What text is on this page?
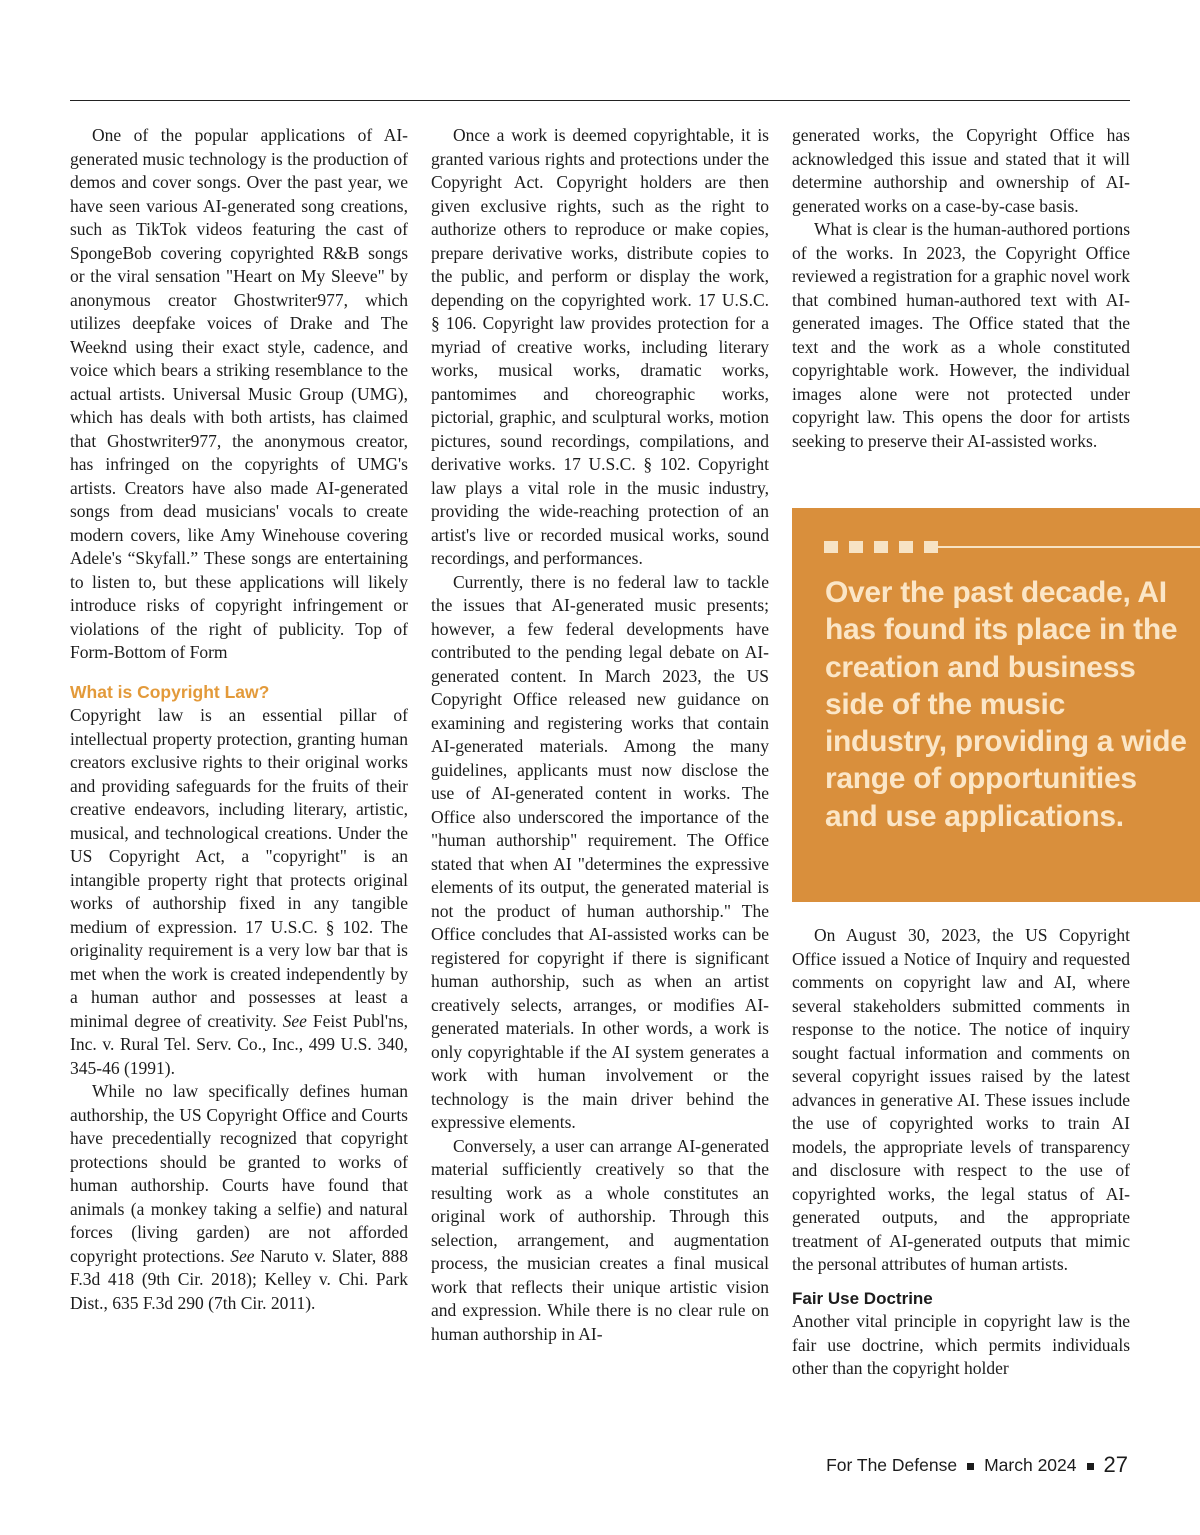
One of the popular applications of AI-generated music technology is the production of demos and cover songs. Over the past year, we have seen various AI-generated song creations, such as TikTok videos featuring the cast of SpongeBob covering copyrighted R&B songs or the viral sensation "Heart on My Sleeve" by anonymous creator Ghostwriter977, which utilizes deepfake voices of Drake and The Weeknd using their exact style, cadence, and voice which bears a striking resemblance to the actual artists. Universal Music Group (UMG), which has deals with both artists, has claimed that Ghostwriter977, the anonymous creator, has infringed on the copyrights of UMG's artists. Creators have also made AI-generated songs from dead musicians' vocals to create modern covers, like Amy Winehouse covering Adele's “Skyfall.” These songs are entertaining to listen to, but these applications will likely introduce risks of copyright infringement or violations of the right of publicity. Top of Form-Bottom of Form

What is Copyright Law?

Copyright law is an essential pillar of intellectual property protection, granting human creators exclusive rights to their original works and providing safeguards for the fruits of their creative endeavors, including literary, artistic, musical, and technological creations. Under the US Copyright Act, a "copyright" is an intangible property right that protects original works of authorship fixed in any tangible medium of expression. 17 U.S.C. § 102. The originality requirement is a very low bar that is met when the work is created independently by a human author and possesses at least a minimal degree of creativity. See Feist Publ'ns, Inc. v. Rural Tel. Serv. Co., Inc., 499 U.S. 340, 345-46 (1991).

While no law specifically defines human authorship, the US Copyright Office and Courts have precedentially recognized that copyright protections should be granted to works of human authorship. Courts have found that animals (a monkey taking a selfie) and natural forces (living garden) are not afforded copyright protections. See Naruto v. Slater, 888 F.3d 418 (9th Cir. 2018); Kelley v. Chi. Park Dist., 635 F.3d 290 (7th Cir. 2011).

Once a work is deemed copyrightable, it is granted various rights and protections under the Copyright Act. Copyright holders are then given exclusive rights, such as the right to authorize others to reproduce or make copies, prepare derivative works, distribute copies to the public, and perform or display the work, depending on the copyrighted work. 17 U.S.C. § 106. Copyright law provides protection for a myriad of creative works, including literary works, musical works, dramatic works, pantomimes and choreographic works, pictorial, graphic, and sculptural works, motion pictures, sound recordings, compilations, and derivative works. 17 U.S.C. § 102. Copyright law plays a vital role in the music industry, providing the wide-reaching protection of an artist's live or recorded musical works, sound recordings, and performances.

Currently, there is no federal law to tackle the issues that AI-generated music presents; however, a few federal developments have contributed to the pending legal debate on AI-generated content. In March 2023, the US Copyright Office released new guidance on examining and registering works that contain AI-generated materials. Among the many guidelines, applicants must now disclose the use of AI-generated content in works. The Office also underscored the importance of the "human authorship" requirement. The Office stated that when AI "determines the expressive elements of its output, the generated material is not the product of human authorship." The Office concludes that AI-assisted works can be registered for copyright if there is significant human authorship, such as when an artist creatively selects, arranges, or modifies AI-generated materials. In other words, a work is only copyrightable if the AI system generates a work with human involvement or the technology is the main driver behind the expressive elements.

Conversely, a user can arrange AI-generated material sufficiently creatively so that the resulting work as a whole constitutes an original work of authorship. Through this selection, arrangement, and augmentation process, the musician creates a final musical work that reflects their unique artistic vision and expression. While there is no clear rule on human authorship in AI-

generated works, the Copyright Office has acknowledged this issue and stated that it will determine authorship and ownership of AI-generated works on a case-by-case basis.

What is clear is the human-authored portions of the works. In 2023, the Copyright Office reviewed a registration for a graphic novel work that combined human-authored text with AI-generated images. The Office stated that the text and the work as a whole constituted copyrightable work. However, the individual images alone were not protected under copyright law. This opens the door for artists seeking to preserve their AI-assisted works.

Over the past decade, AI has found its place in the creation and business side of the music industry, providing a wide range of opportunities and use applications.

On August 30, 2023, the US Copyright Office issued a Notice of Inquiry and requested comments on copyright law and AI, where several stakeholders submitted comments in response to the notice. The notice of inquiry sought factual information and comments on several copyright issues raised by the latest advances in generative AI. These issues include the use of copyrighted works to train AI models, the appropriate levels of transparency and disclosure with respect to the use of copyrighted works, the legal status of AI-generated outputs, and the appropriate treatment of AI-generated outputs that mimic the personal attributes of human artists.

Fair Use Doctrine

Another vital principle in copyright law is the fair use doctrine, which permits individuals other than the copyright holder

For The Defense March 2024 27
